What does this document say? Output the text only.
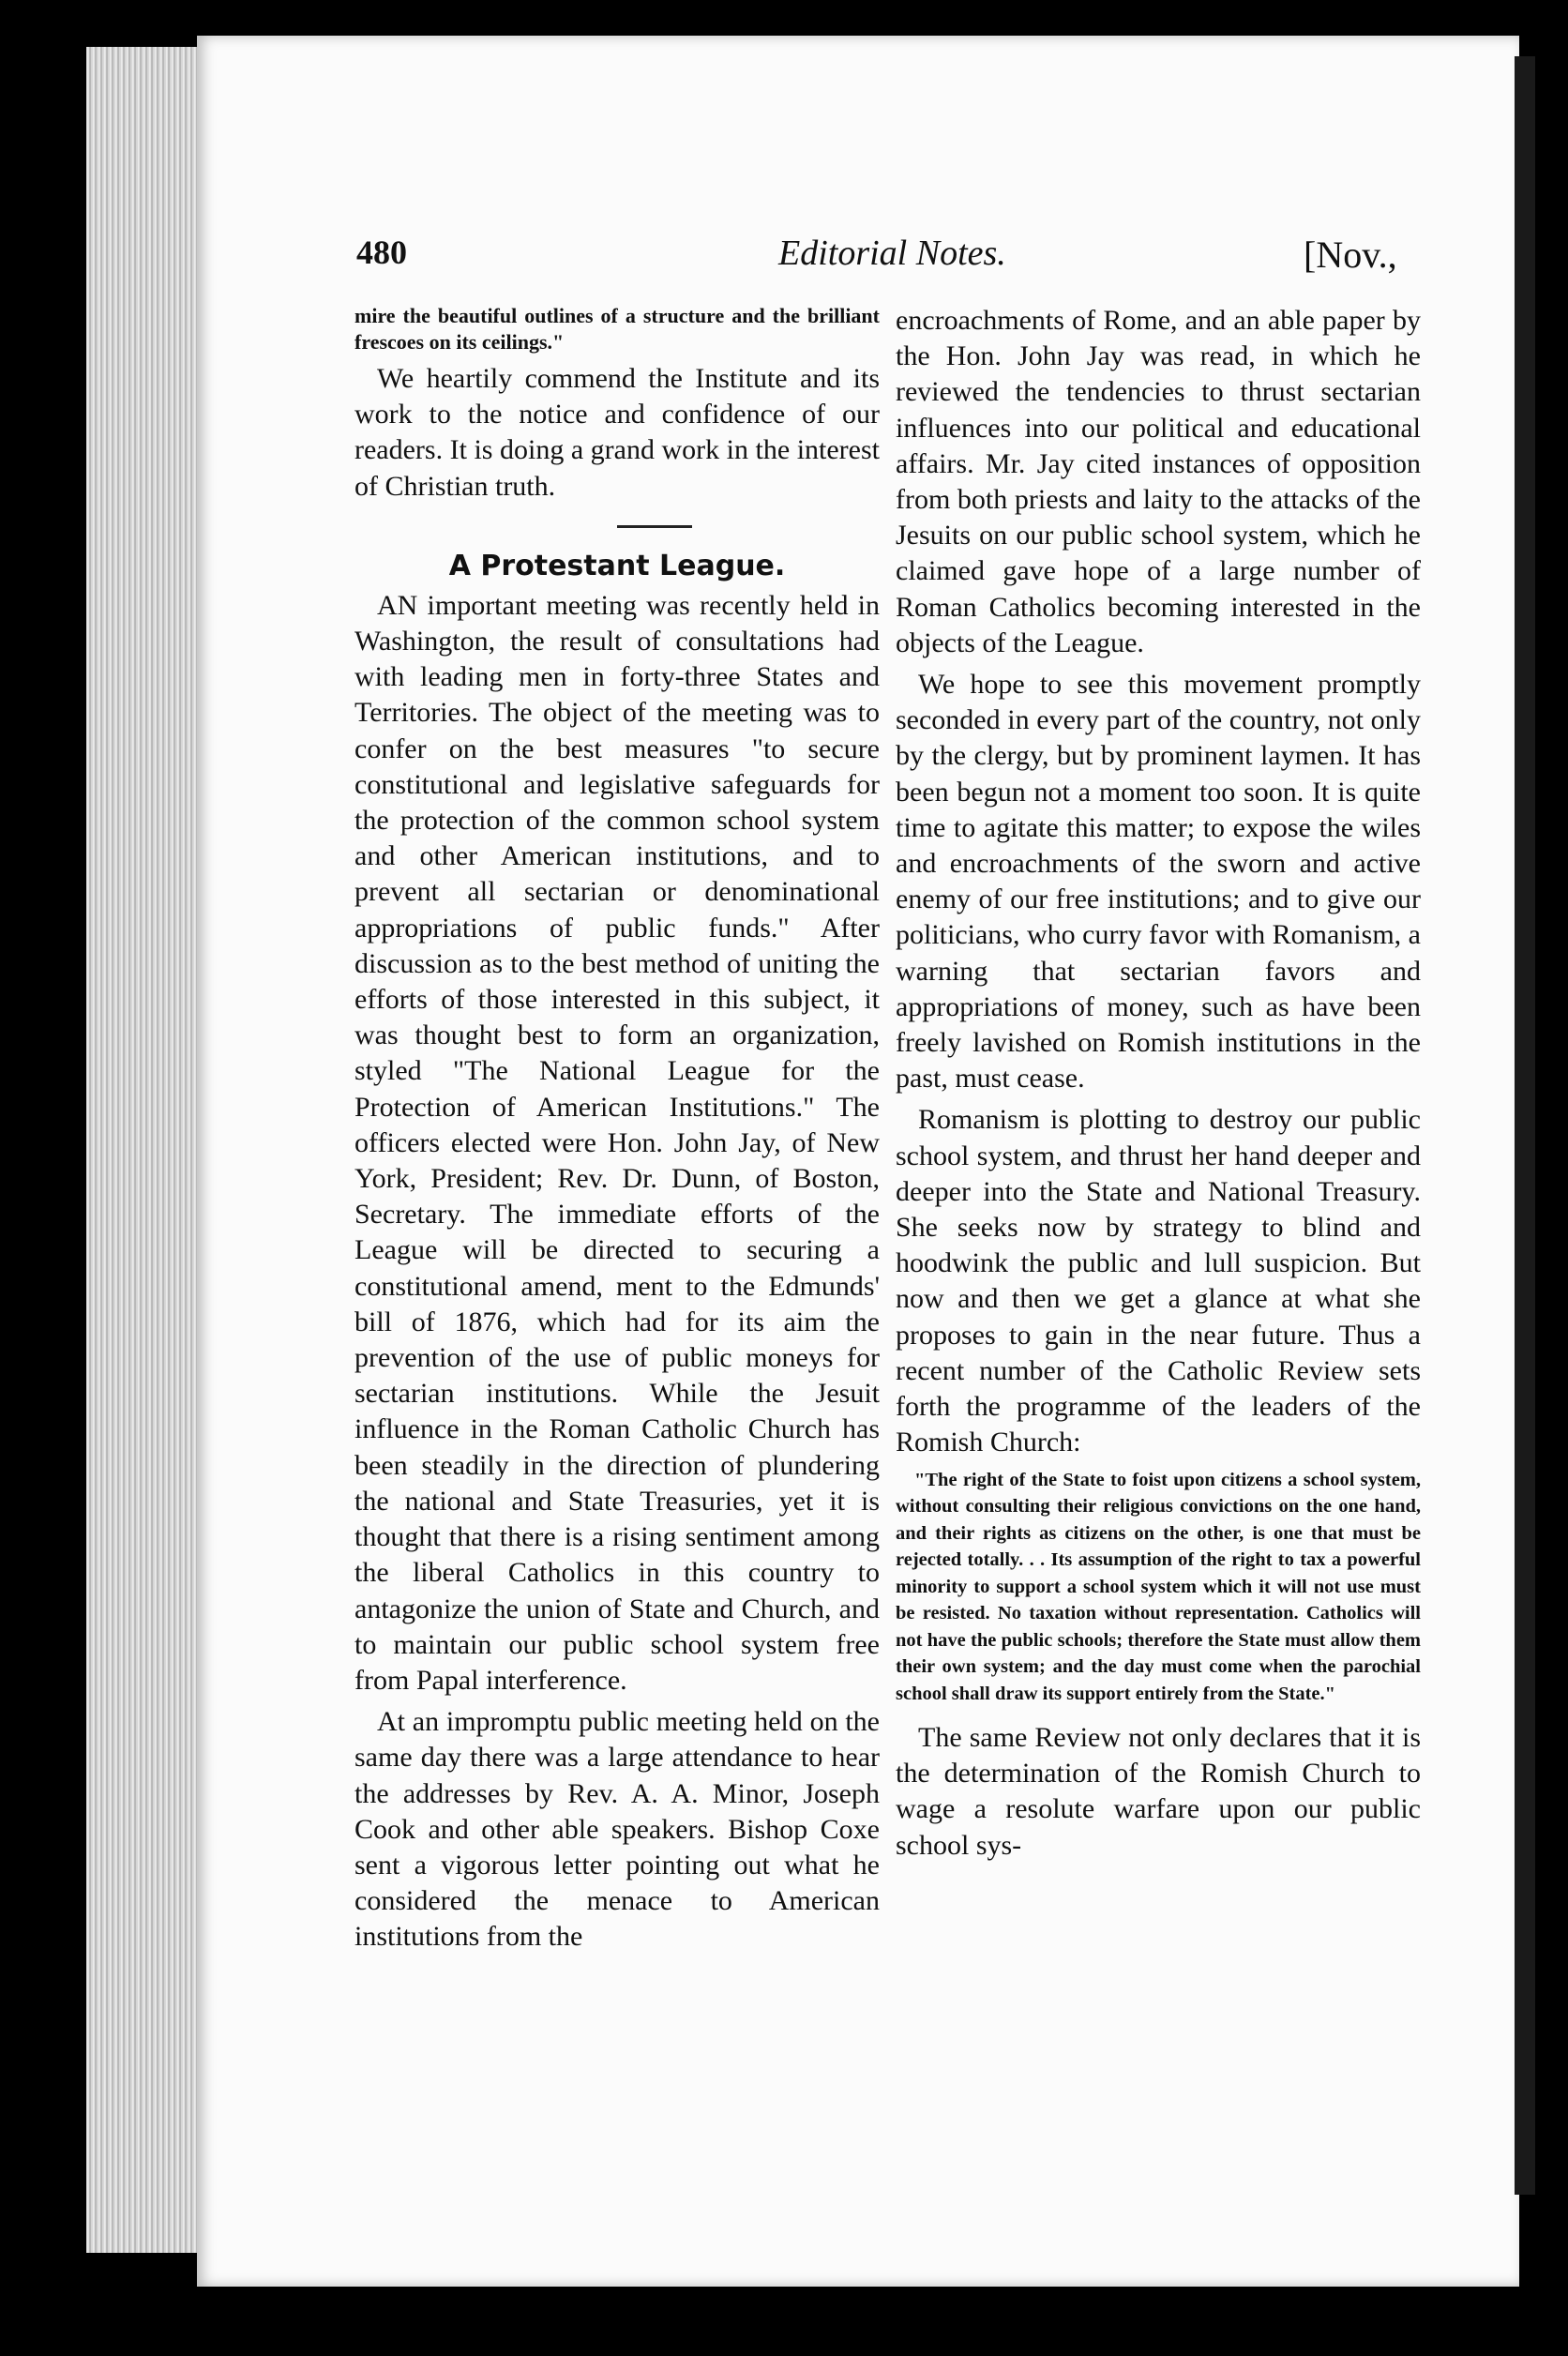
480	Editorial Notes.	[Nov.,

mire the beautiful outlines of a structure and the brilliant frescoes on its ceilings."

We heartily commend the Institute and its work to the notice and confidence of our readers. It is doing a grand work in the interest of Christian truth.

A Protestant League.

AN important meeting was recently held in Washington, the result of consultations had with leading men in forty-three States and Territories. The object of the meeting was to confer on the best measures "to secure constitutional and legislative safeguards for the protection of the common school system and other American institutions, and to prevent all sectarian or denominational appropriations of public funds." After discussion as to the best method of uniting the efforts of those interested in this subject, it was thought best to form an organization, styled "The National League for the Protection of American Institutions." The officers elected were Hon. John Jay, of New York, President; Rev. Dr. Dunn, of Boston, Secretary. The immediate efforts of the League will be directed to securing a constitutional amend, ment to the Edmunds' bill of 1876, which had for its aim the prevention of the use of public moneys for sectarian institutions. While the Jesuit influence in the Roman Catholic Church has been steadily in the direction of plundering the national and State Treasuries, yet it is thought that there is a rising sentiment among the liberal Catholics in this country to antagonize the union of State and Church, and to maintain our public school system free from Papal interference.

At an impromptu public meeting held on the same day there was a large attendance to hear the addresses by Rev. A. A. Minor, Joseph Cook and other able speakers. Bishop Coxe sent a vigorous letter pointing out what he considered the menace to American institutions from the

encroachments of Rome, and an able paper by the Hon. John Jay was read, in which he reviewed the tendencies to thrust sectarian influences into our political and educational affairs. Mr. Jay cited instances of opposition from both priests and laity to the attacks of the Jesuits on our public school system, which he claimed gave hope of a large number of Roman Catholics becoming interested in the objects of the League.

We hope to see this movement promptly seconded in every part of the country, not only by the clergy, but by prominent laymen. It has been begun not a moment too soon. It is quite time to agitate this matter; to expose the wiles and encroachments of the sworn and active enemy of our free institutions; and to give our politicians, who curry favor with Romanism, a warning that sectarian favors and appropriations of money, such as have been freely lavished on Romish institutions in the past, must cease.

Romanism is plotting to destroy our public school system, and thrust her hand deeper and deeper into the State and National Treasury. She seeks now by strategy to blind and hoodwink the public and lull suspicion. But now and then we get a glance at what she proposes to gain in the near future. Thus a recent number of the Catholic Review sets forth the programme of the leaders of the Romish Church:

"The right of the State to foist upon citizens a school system, without consulting their religious convictions on the one hand, and their rights as citizens on the other, is one that must be rejected totally. . . Its assumption of the right to tax a powerful minority to support a school system which it will not use must be resisted. No taxation without representation. Catholics will not have the public schools; therefore the State must allow them their own system; and the day must come when the parochial school shall draw its support entirely from the State."

The same Review not only declares that it is the determination of the Romish Church to wage a resolute warfare upon our public school sys-
